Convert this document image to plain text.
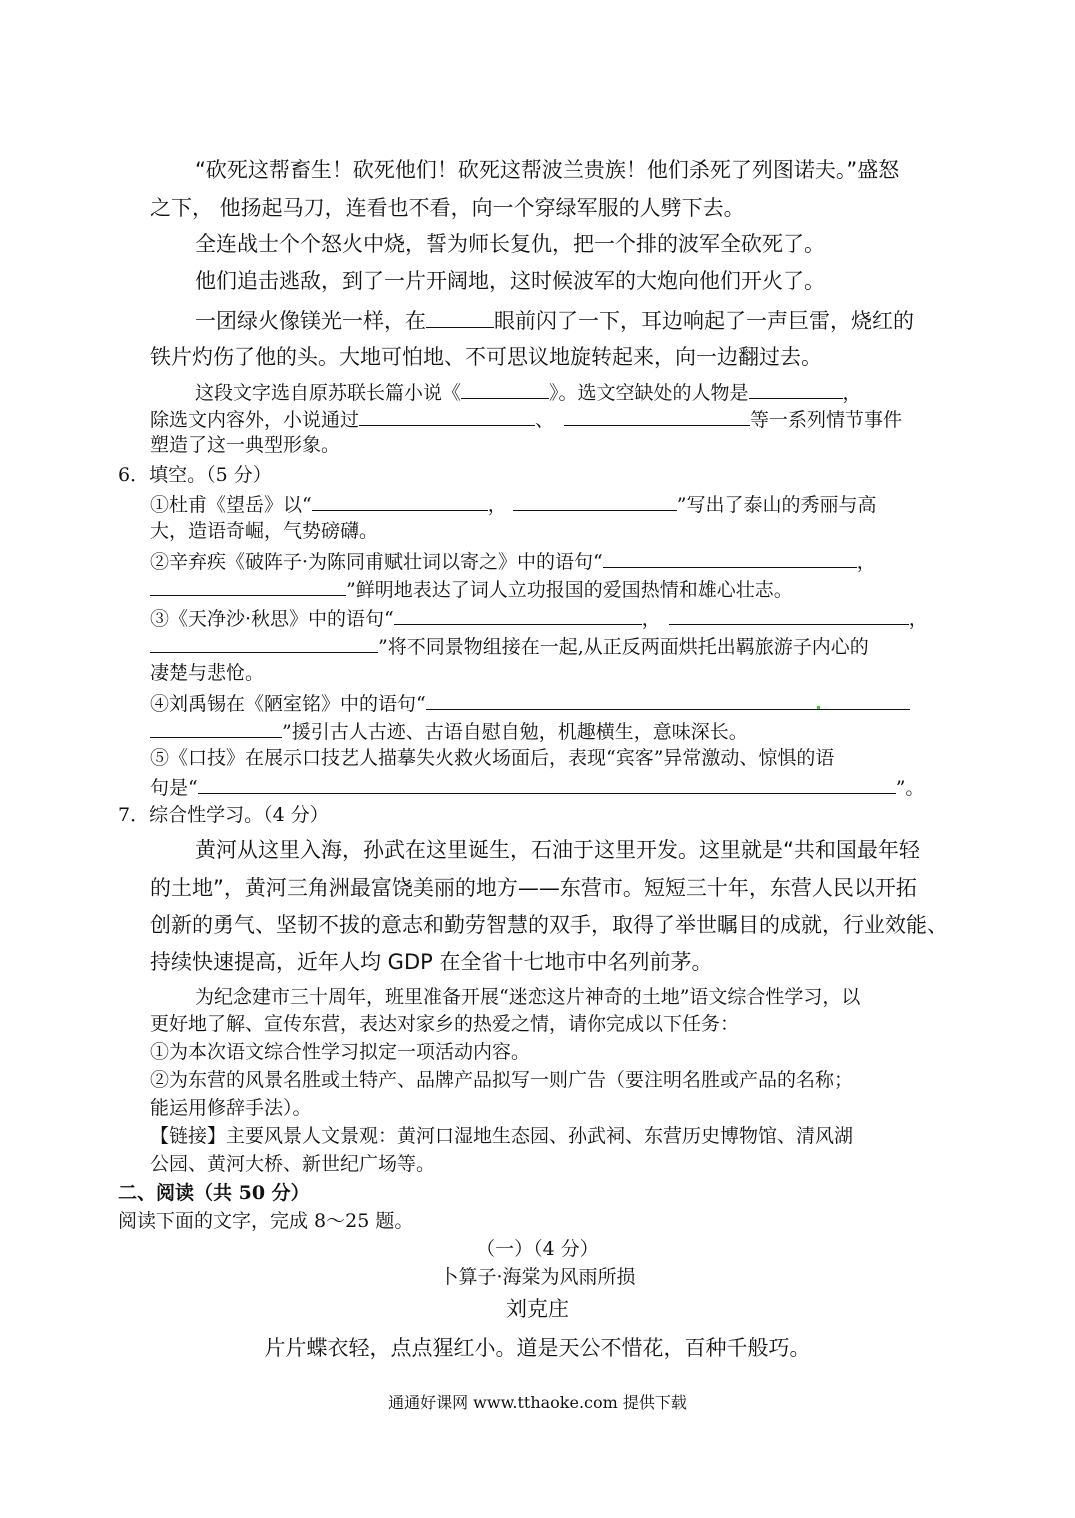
“砍死这帮畜生！砍死他们！砍死这帮波兰贵族！他们杀死了列图诺夫。”盛怒
之下， 他扬起马刀，连看也不看，向一个穿绿军服的人劈下去。
全连战士个个怒火中烧，誓为师长复仇，把一个排的波军全砍死了。
他们追击逃敌，到了一片开阔地，这时候波军的大炮向他们开火了。
一团绿火像镁光一样，在	眼前闪了一下，耳边响起了一声巨雷，烧红的
铁片灼伤了他的头。大地可怕地、不可思议地旋转起来，向一边翻过去。
这段文字选自原苏联长篇小说《	》。选文空缺处的人物是	，
除选文内容外，小说通过	、	等一系列情节事件
塑造了这一典型形象。
6．填空。（5 分）
①杜甫《望岳》以“	，	”写出了泰山的秀丽与高
大，造语奇崛，气势磅礴。
②辛弃疾《破阵子·为陈同甫赋壮词以寄之》中的语句“	，
”鲜明地表达了词人立功报国的爱国热情和雄心壮志。
③《天净沙·秋思》中的语句“	，	，
”将不同景物组接在一起,从正反两面烘托出羁旅游子内心的
凄楚与悲怆。
④刘禹锡在《陋室铭》中的语句“
”援引古人古迹、古语自慰自勉，机趣横生，意味深长。
⑤《口技》在展示口技艺人描摹失火救火场面后，表现“宾客”异常激动、惊惧的语
句是“	”。
7．综合性学习。（4 分）
黄河从这里入海，孙武在这里诞生，石油于这里开发。这里就是“共和国最年轻
的土地”，黄河三角洲最富饶美丽的地方——东营市。短短三十年，东营人民以开拓
创新的勇气、坚韧不拔的意志和勤劳智慧的双手，取得了举世瞩目的成就，行业效能、
持续快速提高，近年人均 GDP 在全省十七地市中名列前茅。
为纪念建市三十周年，班里准备开展“迷恋这片神奇的土地”语文综合性学习，以
更好地了解、宣传东营，表达对家乡的热爱之情，请你完成以下任务：
①为本次语文综合性学习拟定一项活动内容。
②为东营的风景名胜或土特产、品牌产品拟写一则广告（要注明名胜或产品的名称；
能运用修辞手法）。
【链接】主要风景人文景观：黄河口湿地生态园、孙武祠、东营历史博物馆、清风湖
公园、黄河大桥、新世纪广场等。
二、阅读（共 50 分）
阅读下面的文字，完成 8～25 题。
（一）（4 分）
卜算子·海棠为风雨所损
刘克庄
片片蝶衣轻，点点猩红小。道是天公不惜花，百种千般巧。
通通好课网 www.tthaoke.com 提供下载
